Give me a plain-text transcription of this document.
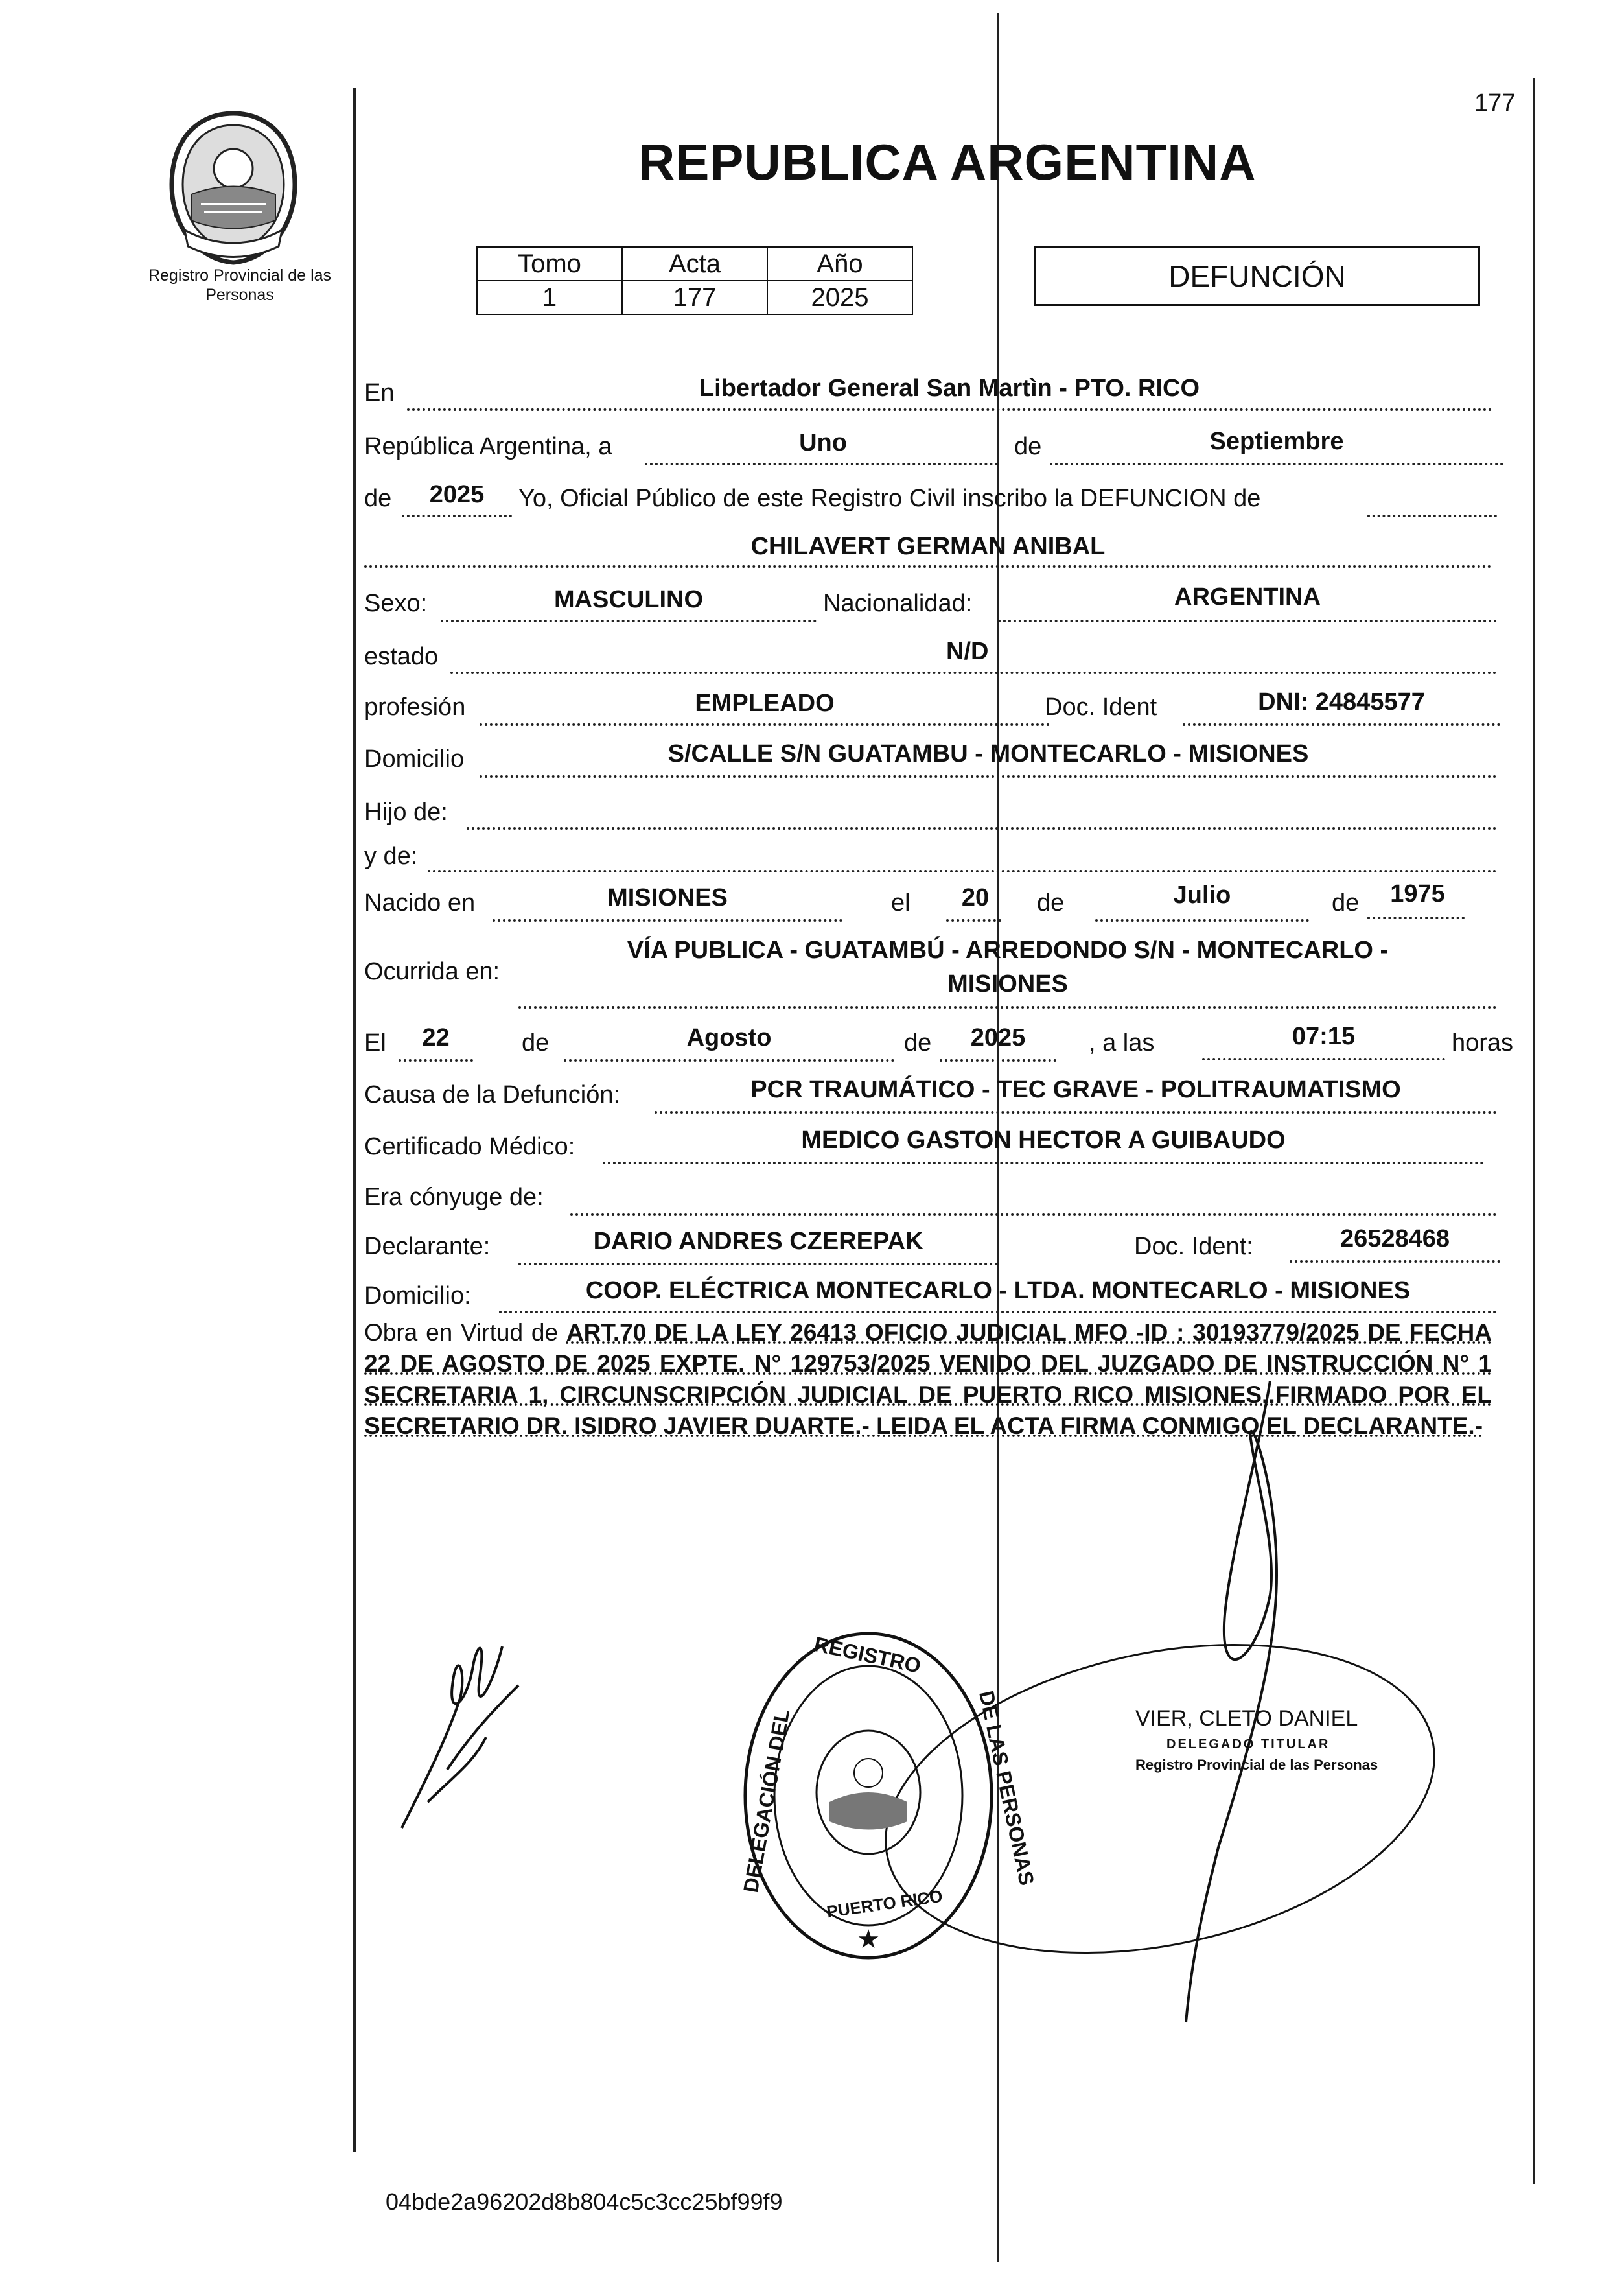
Registro Provincial de las Personas
177
REPUBLICA ARGENTINA
Tomo	Acta	Año
1	177	2025
DEFUNCIÓN
En	Libertador General San Martìn - PTO. RICO
República Argentina, a	Uno	de	Septiembre
de	2025	Yo, Oficial Público de este Registro Civil inscribo la DEFUNCION de
CHILAVERT GERMAN ANIBAL
Sexo:	MASCULINO	Nacionalidad:	ARGENTINA
estado	N/D
profesión	EMPLEADO	Doc. Ident	DNI: 24845577
Domicilio	S/CALLE S/N GUATAMBU - MONTECARLO - MISIONES
Hijo de:
y de:
Nacido en	MISIONES	el	20	de	Julio	de	1975
Ocurrida en:
VÍA PUBLICA - GUATAMBÚ - ARREDONDO S/N - MONTECARLO -
MISIONES
El	22	de	Agosto	de	2025	, a las	07:15	horas
Causa de la Defunción:	PCR TRAUMÁTICO - TEC GRAVE - POLITRAUMATISMO
Certificado Médico:	MEDICO GASTON HECTOR A GUIBAUDO
Era cónyuge de:
Declarante:	DARIO ANDRES CZEREPAK	Doc. Ident:	26528468
Domicilio:	COOP. ELÉCTRICA MONTECARLO - LTDA. MONTECARLO - MISIONES
Obra en Virtud de ART.70 DE LA LEY 26413 OFICIO JUDICIAL MFO -ID : 30193779/2025 DE FECHA 22 DE AGOSTO DE 2025 EXPTE. N° 129753/2025 VENIDO DEL JUZGADO DE INSTRUCCIÓN N° 1 SECRETARIA 1, CIRCUNSCRIPCIÓN JUDICIAL DE PUERTO RICO MISIONES..FIRMADO POR EL SECRETARIO DR. ISIDRO JAVIER DUARTE.- LEIDA EL ACTA FIRMA CONMIGO EL DECLARANTE.-
★
REGISTRO
DELEGACIÓN DEL	DE LAS PERSONAS
PUERTO RICO
VIER, CLETO DANIEL
DELEGADO TITULAR
Registro Provincial de las Personas
04bde2a96202d8b804c5c3cc25bf99f9
